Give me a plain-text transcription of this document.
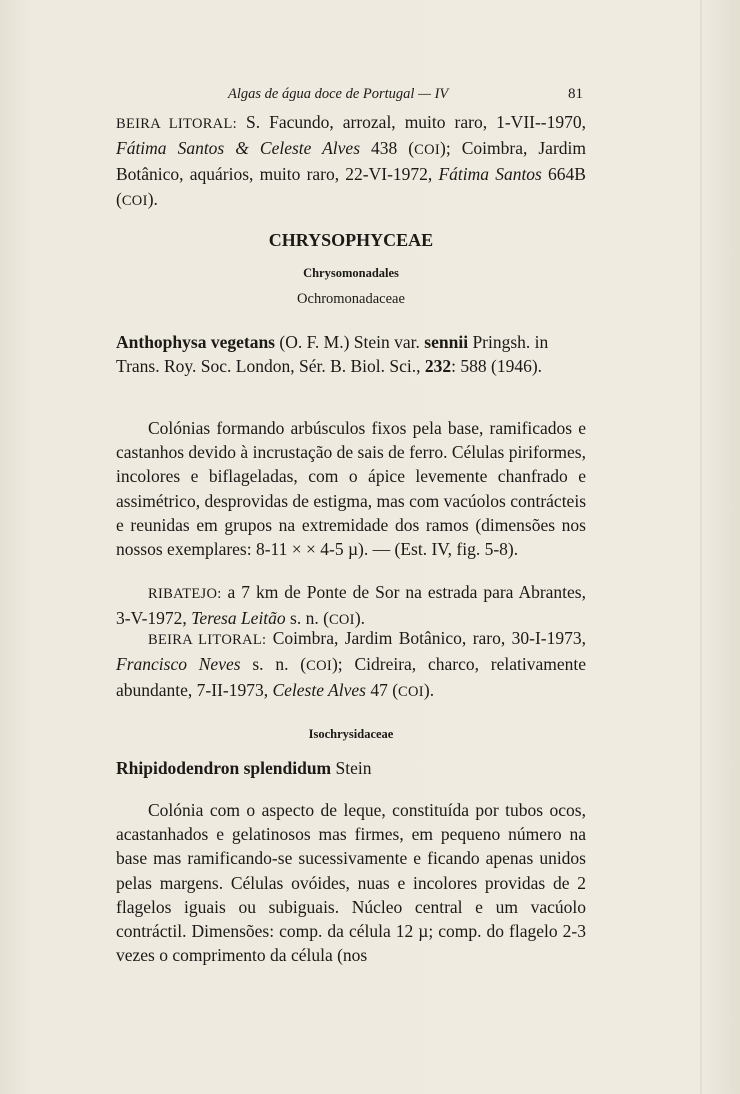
Algas de água doce de Portugal — IV	81
BEIRA LITORAL: S. Facundo, arrozal, muito raro, 1-VII--1970, Fátima Santos & Celeste Alves 438 (COI); Coimbra, Jardim Botânico, aquários, muito raro, 22-VI-1972, Fátima Santos 664B (COI).
CHRYSOPHYCEAE
Chrysomonadales
Ochromonadaceae
Anthophysa vegetans (O. F. M.) Stein var. sennii Pringsh. in Trans. Roy. Soc. London, Sér. B. Biol. Sci., 232: 588 (1946).
Colónias formando arbúsculos fixos pela base, ramificados e castanhos devido à incrustação de sais de ferro. Células piriformes, incolores e biflageladas, com o ápice levemente chanfrado e assimétrico, desprovidas de estigma, mas com vacúolos contrácteis e reunidas em grupos na extremidade dos ramos (dimensões nos nossos exemplares: 8-11 × × 4-5 µ). — (Est. IV, fig. 5-8).
RIBATEJO: a 7 km de Ponte de Sor na estrada para Abrantes, 3-V-1972, Teresa Leitão s. n. (COI).
BEIRA LITORAL: Coimbra, Jardim Botânico, raro, 30-I-1973, Francisco Neves s. n. (COI); Cidreira, charco, relativamente abundante, 7-II-1973, Celeste Alves 47 (COI).
Isochrysidaceae
Rhipidodendron splendidum Stein
Colónia com o aspecto de leque, constituída por tubos ocos, acastanhados e gelatinosos mas firmes, em pequeno número na base mas ramificando-se sucessivamente e ficando apenas unidos pelas margens. Células ovóides, nuas e incolores providas de 2 flagelos iguais ou subiguais. Núcleo central e um vacúolo contráctil. Dimensões: comp. da célula 12 µ; comp. do flagelo 2-3 vezes o comprimento da célula (nos
